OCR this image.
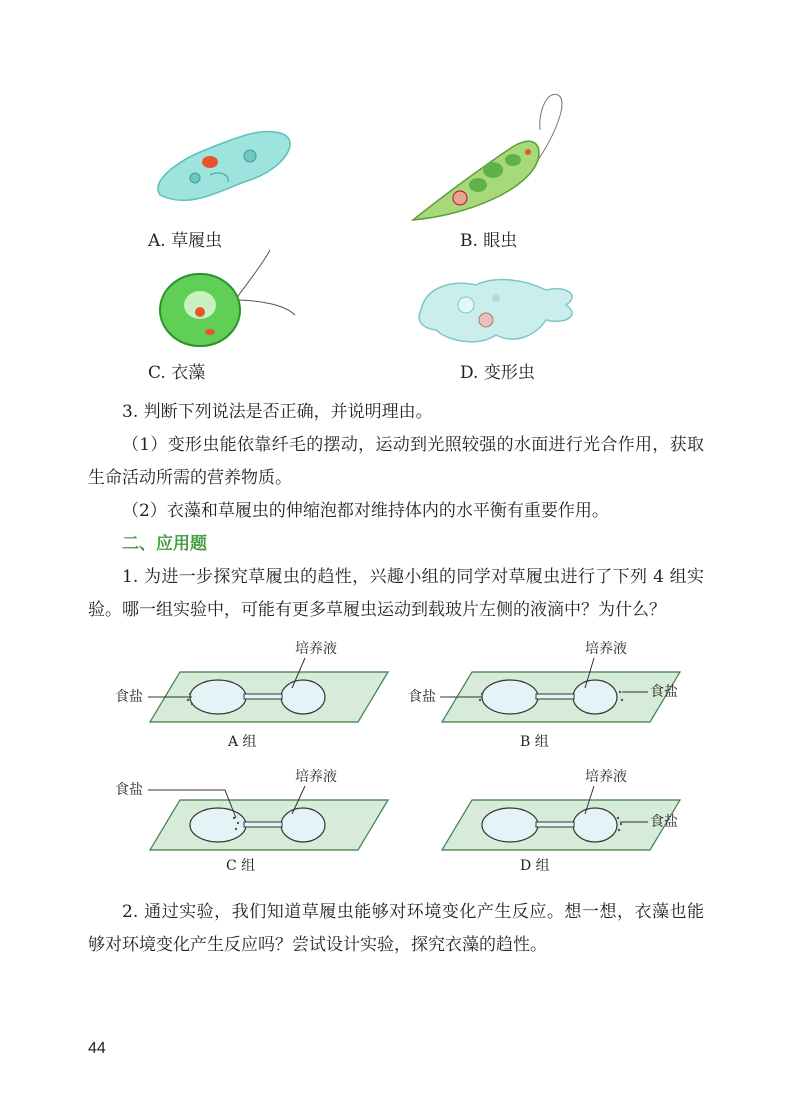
A. 草履虫	B. 眼虫
C. 衣藻	D. 变形虫

3. 判断下列说法是否正确，并说明理由。

（1）变形虫能依靠纤毛的摆动，运动到光照较强的水面进行光合作用，获取生命活动所需的营养物质。

（2）衣藻和草履虫的伸缩泡都对维持体内的水平衡有重要作用。

二、应用题

1. 为进一步探究草履虫的趋性，兴趣小组的同学对草履虫进行了下列 4 组实验。哪一组实验中，可能有更多草履虫运动到载玻片左侧的液滴中？为什么？

培养液
食盐
A 组
培养液
食盐	食盐
B 组
培养液
食盐
C 组
培养液
食盐
D 组

2. 通过实验，我们知道草履虫能够对环境变化产生反应。想一想，衣藻也能够对环境变化产生反应吗？尝试设计实验，探究衣藻的趋性。

44
